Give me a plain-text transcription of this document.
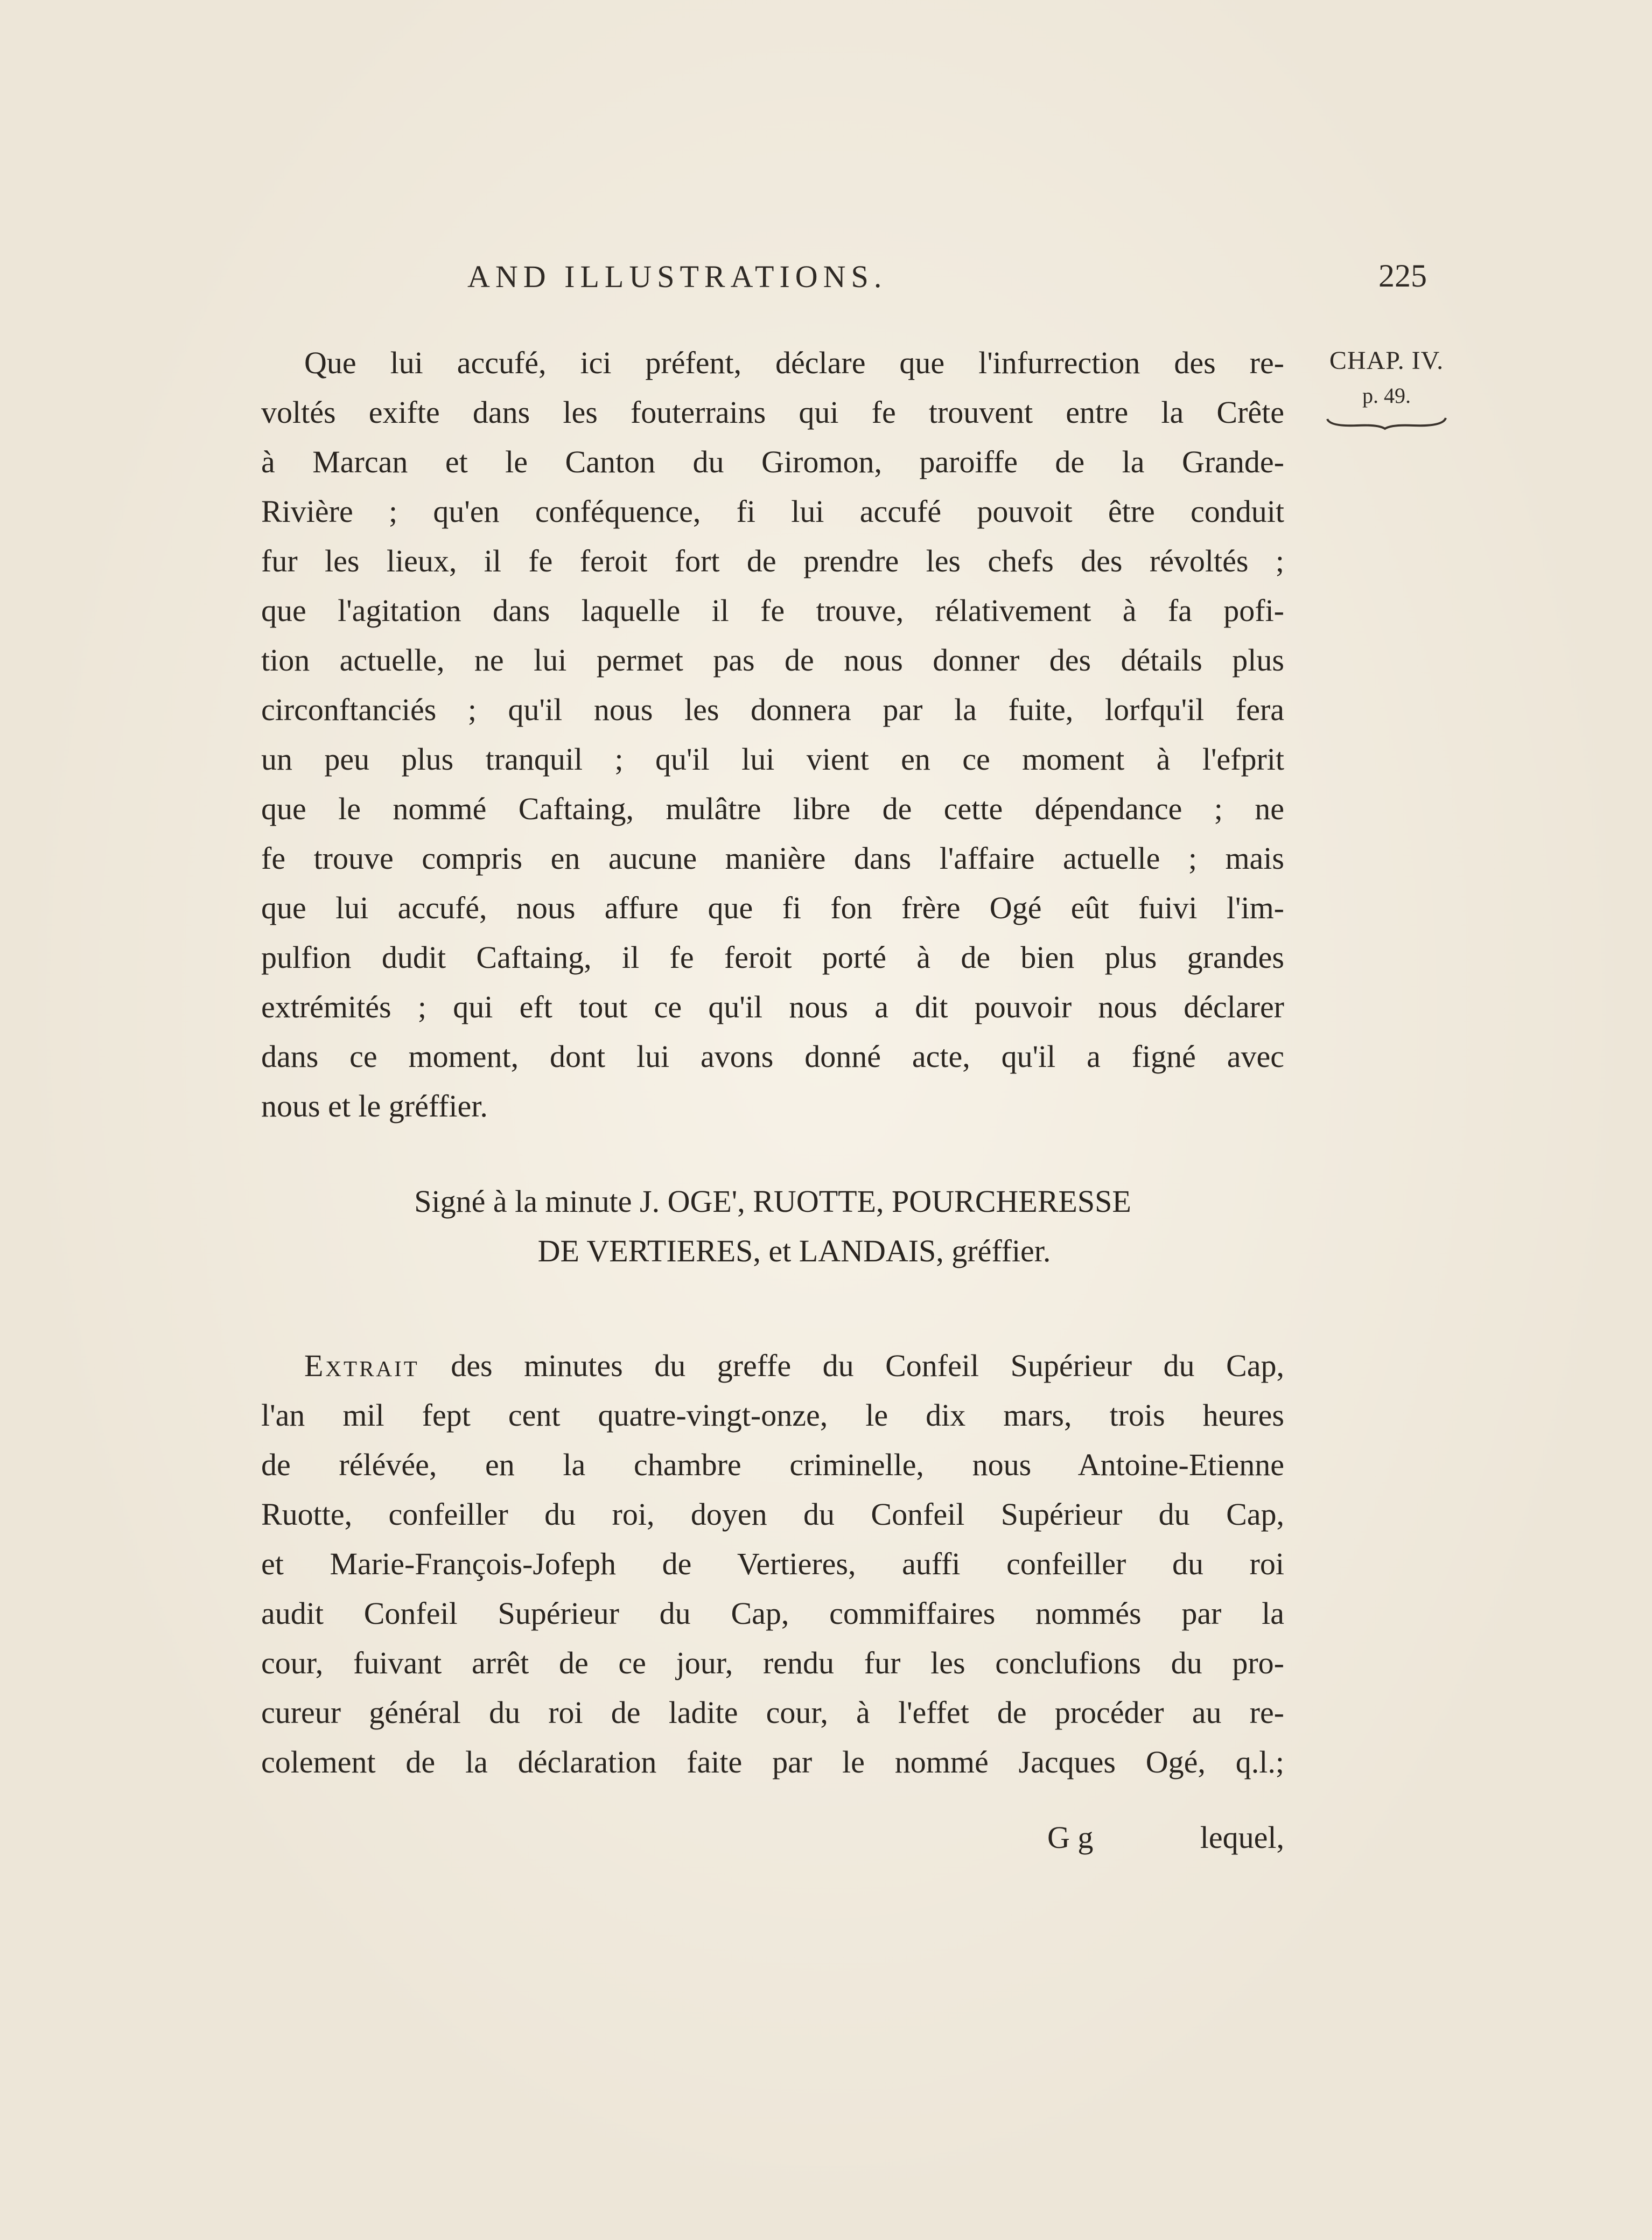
AND ILLUSTRATIONS.	225
CHAP. IV.
p. 49.
Que lui accufé, ici préfent, déclare que l'infurrection des re-
voltés exifte dans les fouterrains qui fe trouvent entre la Crête
à Marcan et le Canton du Giromon, paroiffe de la Grande-
Rivière ; qu'en conféquence, fi lui accufé pouvoit être conduit
fur les lieux, il fe feroit fort de prendre les chefs des révoltés ;
que l'agitation dans laquelle il fe trouve, rélativement à fa pofi-
tion actuelle, ne lui permet pas de nous donner des détails plus
circonftanciés ; qu'il nous les donnera par la fuite, lorfqu'il fera
un peu plus tranquil ; qu'il lui vient en ce moment à l'efprit
que le nommé Caftaing, mulâtre libre de cette dépendance ; ne
fe trouve compris en aucune manière dans l'affaire actuelle ; mais
que lui accufé, nous affure que fi fon frère Ogé eût fuivi l'im-
pulfion dudit Caftaing, il fe feroit porté à de bien plus grandes
extrémités ; qui eft tout ce qu'il nous a dit pouvoir nous déclarer
dans ce moment, dont lui avons donné acte, qu'il a figné avec
nous et le gréffier.
Signé à la minute J. OGE', RUOTTE, POURCHERESSE
DE VERTIERES, et LANDAIS, gréffier.
Extrait des minutes du greffe du Confeil Supérieur du Cap,
l'an mil fept cent quatre-vingt-onze, le dix mars, trois heures
de rélévée, en la chambre criminelle, nous Antoine-Etienne
Ruotte, confeiller du roi, doyen du Confeil Supérieur du Cap,
et Marie-François-Jofeph de Vertieres, auffi confeiller du roi
audit Confeil Supérieur du Cap, commiffaires nommés par la
cour, fuivant arrêt de ce jour, rendu fur les conclufions du pro-
cureur général du roi de ladite cour, à l'effet de procéder au re-
colement de la déclaration faite par le nommé Jacques Ogé, q.l.;
G g	lequel,
